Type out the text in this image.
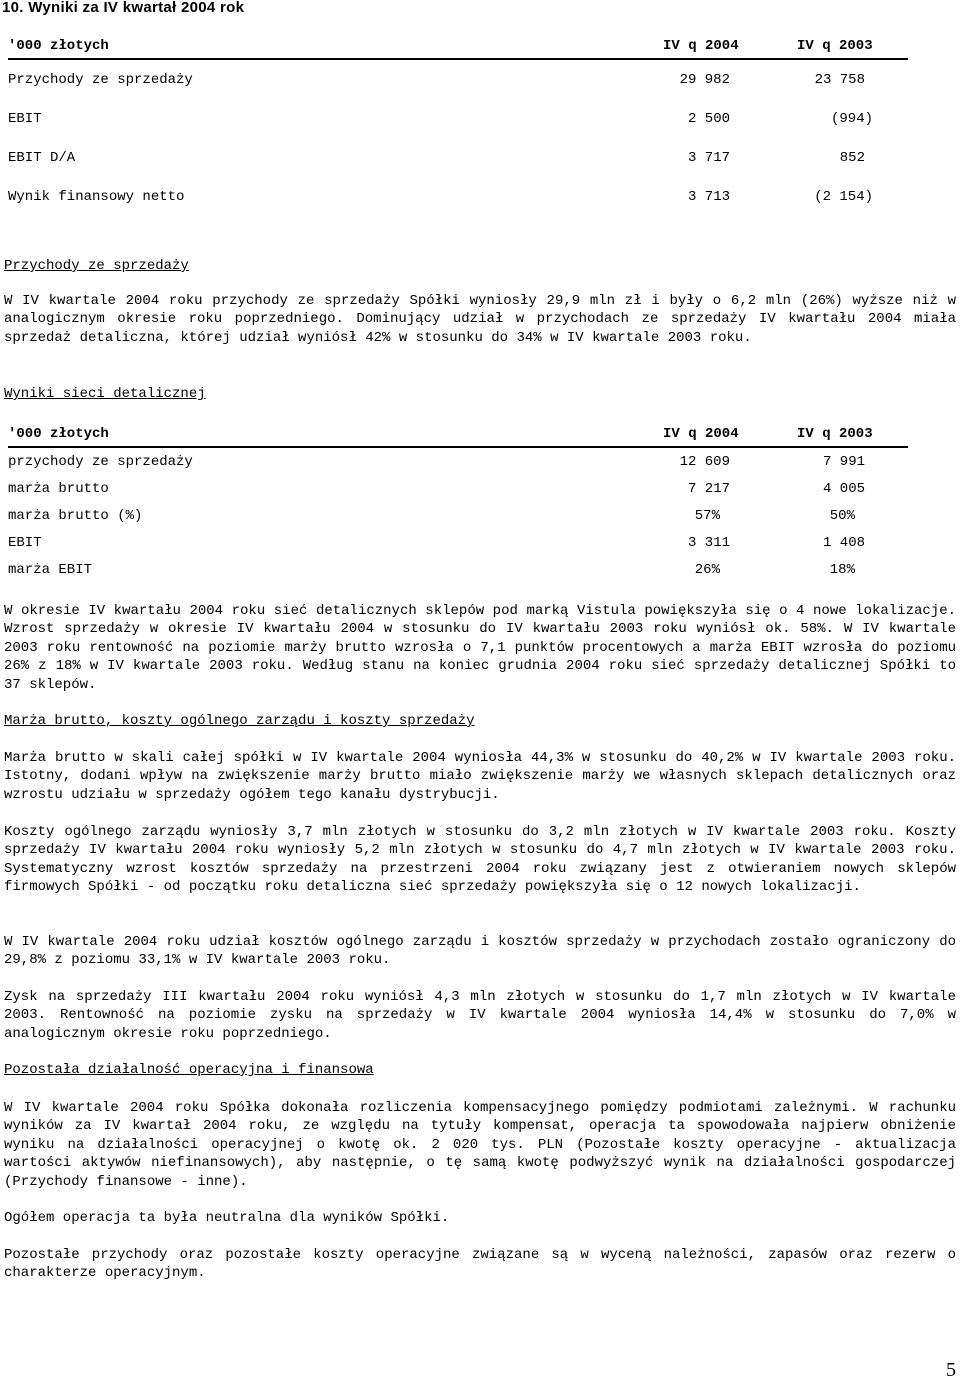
10. Wyniki za IV kwartał 2004 rok
'000 złotych	IV q 2004	IV q 2003
Przychody ze sprzedaży	29 982	23 758
EBIT	2 500	(994)
EBIT D/A	3 717	852
Wynik finansowy netto	3 713	(2 154)
Przychody ze sprzedaży
W IV kwartale 2004 roku przychody ze sprzedaży Spółki wyniosły 29,9 mln zł i były o 6,2 mln (26%) wyższe niż w analogicznym okresie roku poprzedniego. Dominujący udział w przychodach ze sprzedaży IV kwartału 2004 miała sprzedaż detaliczna, której udział wyniósł 42% w stosunku do 34% w IV kwartale 2003 roku.
Wyniki sieci detalicznej
'000 złotych	IV q 2004	IV q 2003
przychody ze sprzedaży	12 609	7 991
marża brutto	7 217	4 005
marża brutto (%)	57%	50%
EBIT	3 311	1 408
marża EBIT	26%	18%
W okresie IV kwartału 2004 roku sieć detalicznych sklepów pod marką Vistula powiększyła się o 4 nowe lokalizacje. Wzrost sprzedaży w okresie IV kwartału 2004 w stosunku do IV kwartału 2003 roku wyniósł ok. 58%. W IV kwartale 2003 roku rentowność na poziomie marży brutto wzrosła o 7,1 punktów procentowych a marża EBIT wzrosła do poziomu 26% z 18% w IV kwartale 2003 roku. Według stanu na koniec grudnia 2004 roku sieć sprzedaży detalicznej Spółki to 37 sklepów.
Marża brutto, koszty ogólnego zarządu i koszty sprzedaży
Marża brutto w skali całej spółki w IV kwartale 2004 wyniosła 44,3% w stosunku do 40,2% w IV kwartale 2003 roku. Istotny, dodani wpływ na zwiększenie marży brutto miało zwiększenie marży we własnych sklepach detalicznych oraz wzrostu udziału w sprzedaży ogółem tego kanału dystrybucji.
Koszty ogólnego zarządu wyniosły 3,7 mln złotych w stosunku do 3,2 mln złotych w IV kwartale 2003 roku. Koszty sprzedaży IV kwartału 2004 roku wyniosły 5,2 mln złotych w stosunku do 4,7 mln złotych w IV kwartale 2003 roku. Systematyczny wzrost kosztów sprzedaży na przestrzeni 2004 roku związany jest z otwieraniem nowych sklepów firmowych Spółki - od początku roku detaliczna sieć sprzedaży powiększyła się o 12 nowych lokalizacji.
W IV kwartale 2004 roku udział kosztów ogólnego zarządu i kosztów sprzedaży w przychodach zostało ograniczony do 29,8% z poziomu 33,1% w IV kwartale 2003 roku.
Zysk na sprzedaży III kwartału 2004 roku wyniósł 4,3 mln złotych w stosunku do 1,7 mln złotych w IV kwartale 2003. Rentowność na poziomie zysku na sprzedaży w IV kwartale 2004 wyniosła 14,4% w stosunku do 7,0% w analogicznym okresie roku poprzedniego.
Pozostała działalność operacyjna i finansowa
W IV kwartale 2004 roku Spółka dokonała rozliczenia kompensacyjnego pomiędzy podmiotami zależnymi. W rachunku wyników za IV kwartał 2004 roku, ze względu na tytuły kompensat, operacja ta spowodowała najpierw obniżenie wyniku na działalności operacyjnej o kwotę ok. 2 020 tys. PLN (Pozostałe koszty operacyjne - aktualizacja wartości aktywów niefinansowych), aby następnie, o tę samą kwotę podwyższyć wynik na działalności gospodarczej (Przychody finansowe - inne).
Ogółem operacja ta była neutralna dla wyników Spółki.
Pozostałe przychody oraz pozostałe koszty operacyjne związane są w wyceną należności, zapasów oraz rezerw o charakterze operacyjnym.
5
